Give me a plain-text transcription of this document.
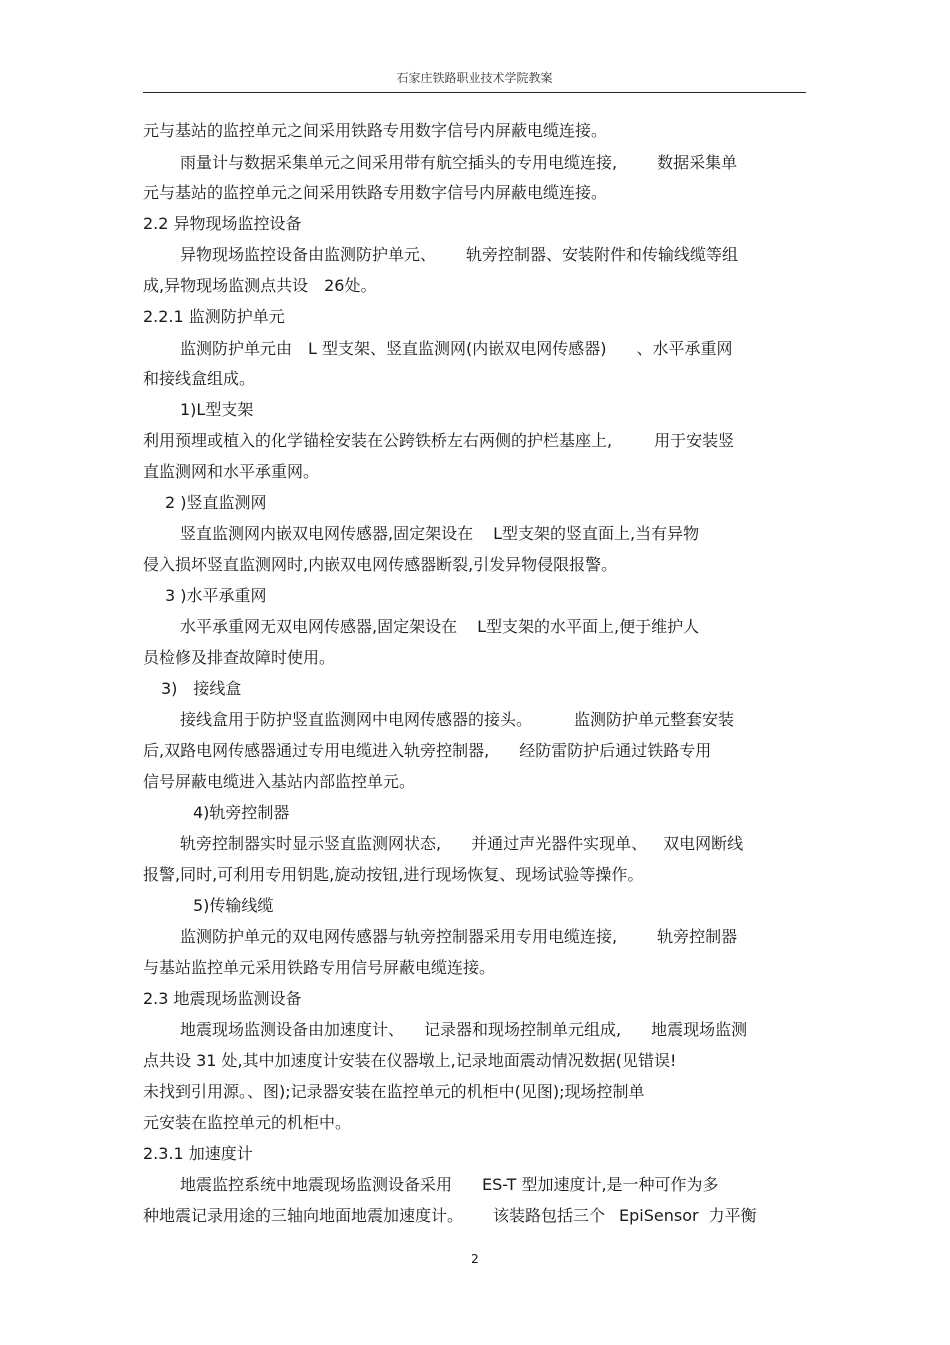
石家庄铁路职业技术学院教案
元与基站的监控单元之间采用铁路专用数字信号内屏蔽电缆连接。
雨量计与数据采集单元之间采用带有航空插头的专用电缆连接,	数据采集单
元与基站的监控单元之间采用铁路专用数字信号内屏蔽电缆连接。
2.2 异物现场监控设备
异物现场监控设备由监测防护单元、 轨旁控制器、安装附件和传输线缆等组
成,异物现场监测点共设 26处。
2.2.1 监测防护单元
监测防护单元由 L 型支架、竖直监测网(内嵌双电网传感器) 、水平承重网
和接线盒组成。
1)L型支架
利用预埋或植入的化学锚栓安装在公跨铁桥左右两侧的护栏基座上,	用于安装竖
直监测网和水平承重网。
2 )竖直监测网
竖直监测网内嵌双电网传感器,固定架设在 L型支架的竖直面上,当有异物
侵入损坏竖直监测网时,内嵌双电网传感器断裂,引发异物侵限报警。
3 )水平承重网
水平承重网无双电网传感器,固定架设在 L型支架的水平面上,便于维护人
员检修及排查故障时使用。
3) 接线盒
接线盒用于防护竖直监测网中电网传感器的接头。	监测防护单元整套安装
后,双路电网传感器通过专用电缆进入轨旁控制器, 经防雷防护后通过铁路专用
信号屏蔽电缆进入基站内部监控单元。
4)轨旁控制器
轨旁控制器实时显示竖直监测网状态, 并通过声光器件实现单、 双电网断线
报警,同时,可利用专用钥匙,旋动按钮,进行现场恢复、现场试验等操作。
5)传输线缆
监测防护单元的双电网传感器与轨旁控制器采用专用电缆连接,	轨旁控制器
与基站监控单元采用铁路专用信号屏蔽电缆连接。
2.3 地震现场监测设备
地震现场监测设备由加速度计、 记录器和现场控制单元组成, 地震现场监测
点共设 31 处,其中加速度计安装在仪器墩上,记录地面震动情况数据(见错误!
未找到引用源。、图);记录器安装在监控单元的机柜中(见图);现场控制单
元安装在监控单元的机柜中。
2.3.1 加速度计
地震监控系统中地震现场监测设备采用 ES-T 型加速度计,是一种可作为多
种地震记录用途的三轴向地面地震加速度计。 该装路包括三个 EpiSensor 力平衡
2
